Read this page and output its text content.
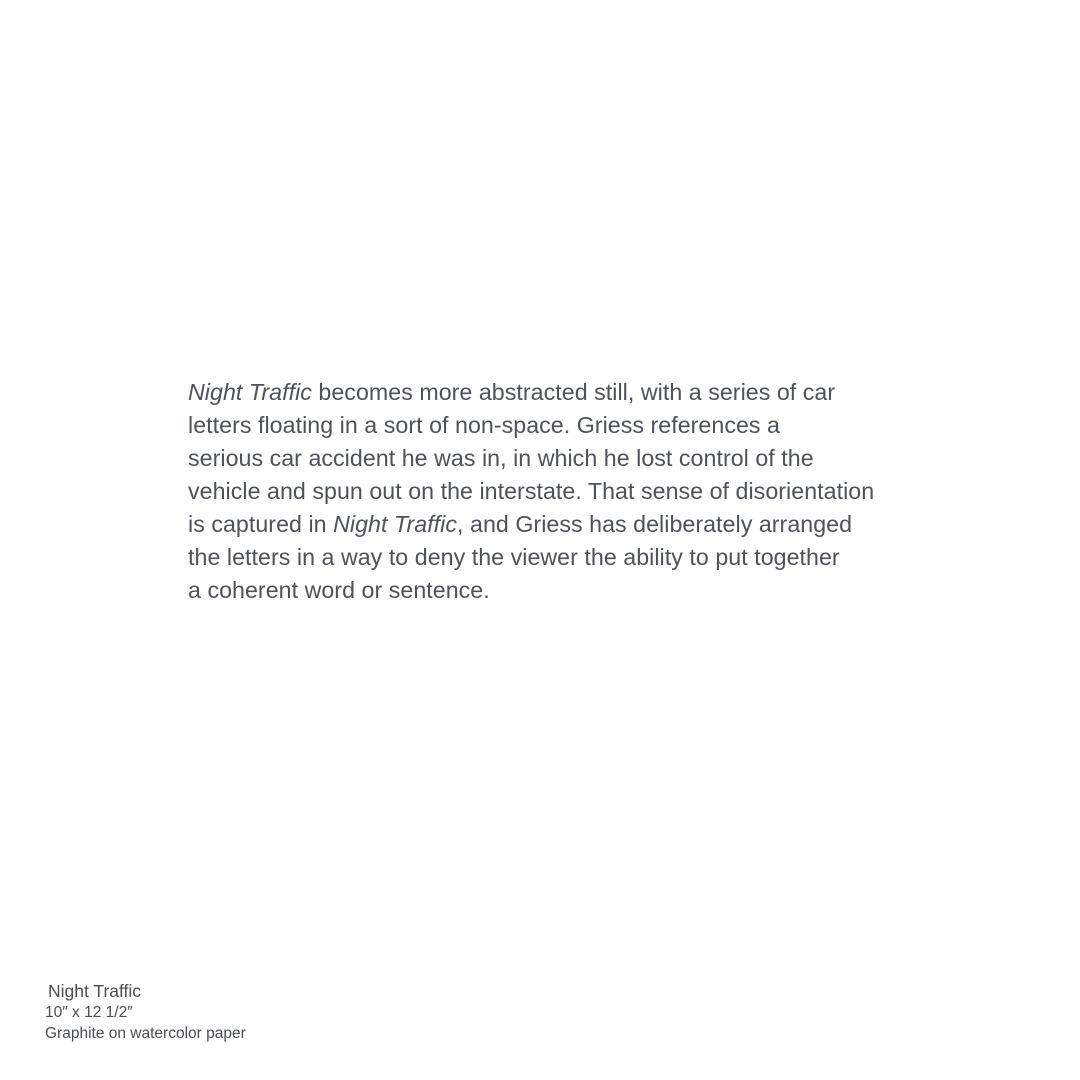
Night Traffic becomes more abstracted still, with a series of car
letters floating in a sort of non-space. Griess references a
serious car accident he was in, in which he lost control of the
vehicle and spun out on the interstate. That sense of disorientation
is captured in Night Traffic, and Griess has deliberately arranged
the letters in a way to deny the viewer the ability to put together
a coherent word or sentence.

Night Traffic
10″ x 12 1/2″
Graphite on watercolor paper
